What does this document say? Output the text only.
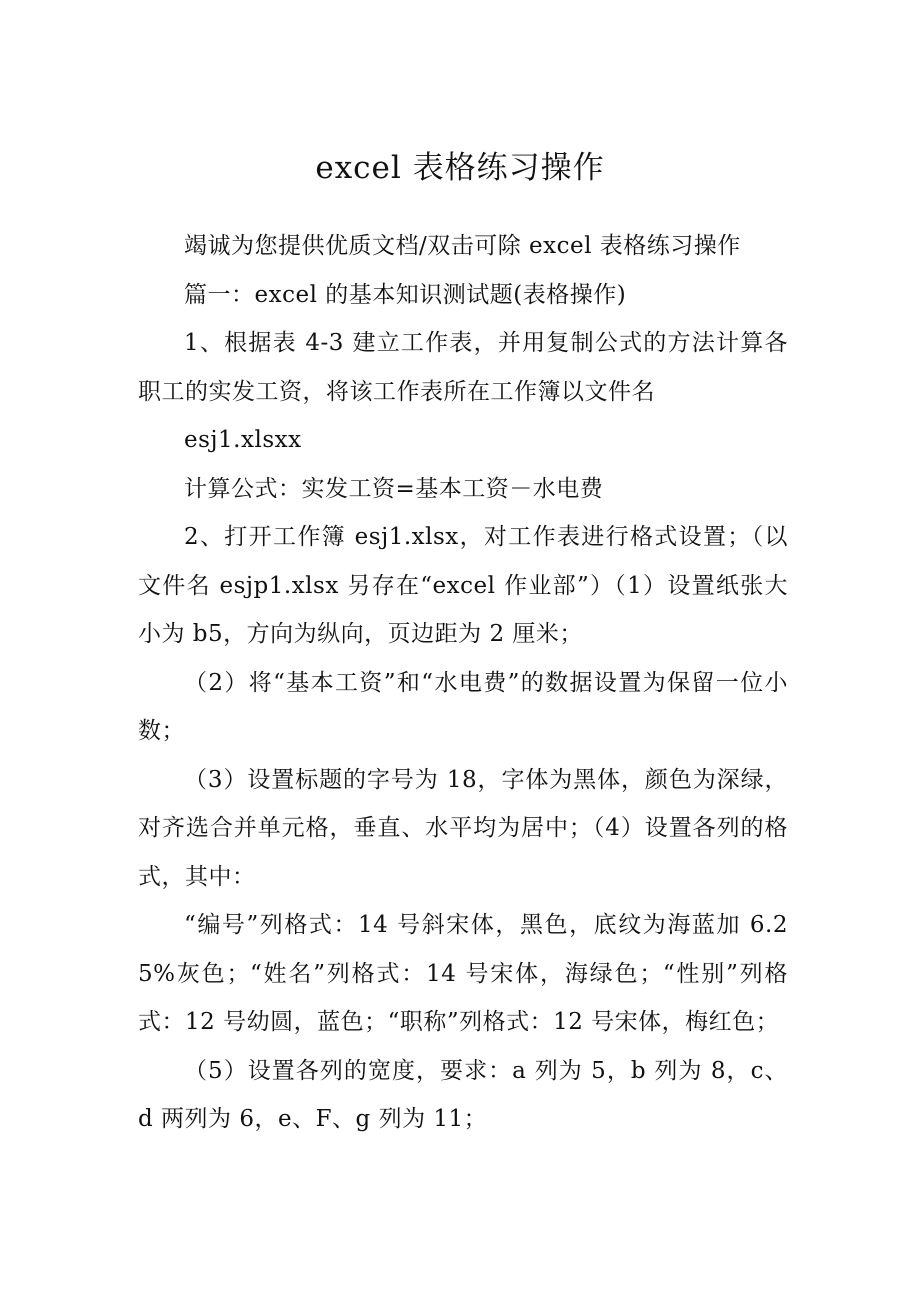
excel 表格练习操作

竭诚为您提供优质文档/双击可除 excel 表格练习操作

篇一：excel 的基本知识测试题(表格操作)

1、根据表 4-3 建立工作表，并用复制公式的方法计算各职工的实发工资，将该工作表所在工作簿以文件名

esj1.xlsxx

计算公式：实发工资=基本工资－水电费

2、打开工作簿 esj1.xlsx，对工作表进行格式设置；（以文件名 esjp1.xlsx 另存在“excel 作业部”）（1）设置纸张大小为 b5，方向为纵向，页边距为 2 厘米；

（2）将“基本工资”和“水电费”的数据设置为保留一位小数；

（3）设置标题的字号为 18，字体为黑体，颜色为深绿，对齐选合并单元格，垂直、水平均为居中；（4）设置各列的格式，其中：

“编号”列格式：14 号斜宋体，黑色，底纹为海蓝加 6.25%灰色；“姓名”列格式：14 号宋体，海绿色；“性别”列格式：12 号幼圆，蓝色；“职称”列格式：12 号宋体，梅红色；

（5）设置各列的宽度，要求：a 列为 5，b 列为 8，c、d 两列为 6，e、F、g 列为 11；
